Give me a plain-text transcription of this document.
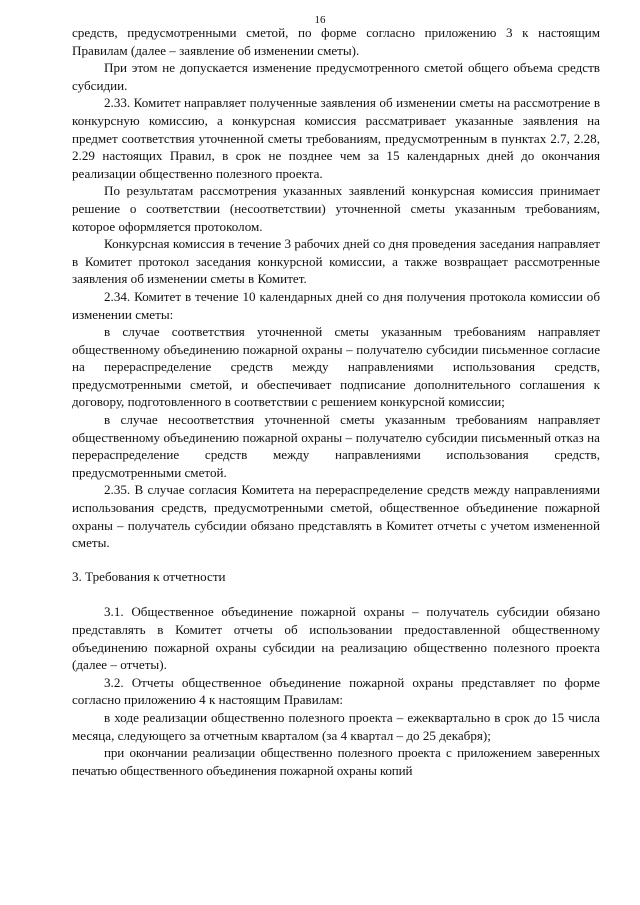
16

средств, предусмотренными сметой, по форме согласно приложению 3 к настоящим Правилам (далее – заявление об изменении сметы).

При этом не допускается изменение предусмотренного сметой общего объема средств субсидии.

2.33. Комитет направляет полученные заявления об изменении сметы на рассмотрение в конкурсную комиссию, а конкурсная комиссия рассматривает указанные заявления на предмет соответствия уточненной сметы требованиям, предусмотренным в пунктах 2.7, 2.28, 2.29 настоящих Правил, в срок не позднее чем за 15 календарных дней до окончания реализации общественно полезного проекта.

По результатам рассмотрения указанных заявлений конкурсная комиссия принимает решение о соответствии (несоответствии) уточненной сметы указанным требованиям, которое оформляется протоколом.

Конкурсная комиссия в течение 3 рабочих дней со дня проведения заседания направляет в Комитет протокол заседания конкурсной комиссии, а также возвращает рассмотренные заявления об изменении сметы в Комитет.

2.34. Комитет в течение 10 календарных дней со дня получения протокола комиссии об изменении сметы:

в случае соответствия уточненной сметы указанным требованиям направляет общественному объединению пожарной охраны – получателю субсидии письменное согласие на перераспределение средств между направлениями использования средств, предусмотренными сметой, и обеспечивает подписание дополнительного соглашения к договору, подготовленного в соответствии с решением конкурсной комиссии;

в случае несоответствия уточненной сметы указанным требованиям направляет общественному объединению пожарной охраны – получателю субсидии письменный отказ на перераспределение средств между направлениями использования средств, предусмотренными сметой.

2.35. В случае согласия Комитета на перераспределение средств между направлениями использования средств, предусмотренными сметой, общественное объединение пожарной охраны – получатель субсидии обязано представлять в Комитет отчеты с учетом измененной сметы.

3. Требования к отчетности

3.1. Общественное объединение пожарной охраны – получатель субсидии обязано представлять в Комитет отчеты об использовании предоставленной общественному объединению пожарной охраны субсидии на реализацию общественно полезного проекта (далее – отчеты).

3.2. Отчеты общественное объединение пожарной охраны представляет по форме согласно приложению 4 к настоящим Правилам:

в ходе реализации общественно полезного проекта – ежеквартально в срок до 15 числа месяца, следующего за отчетным кварталом (за 4 квартал – до 25 декабря);

при окончании реализации общественно полезного проекта с приложением заверенных печатью общественного объединения пожарной охраны копий
